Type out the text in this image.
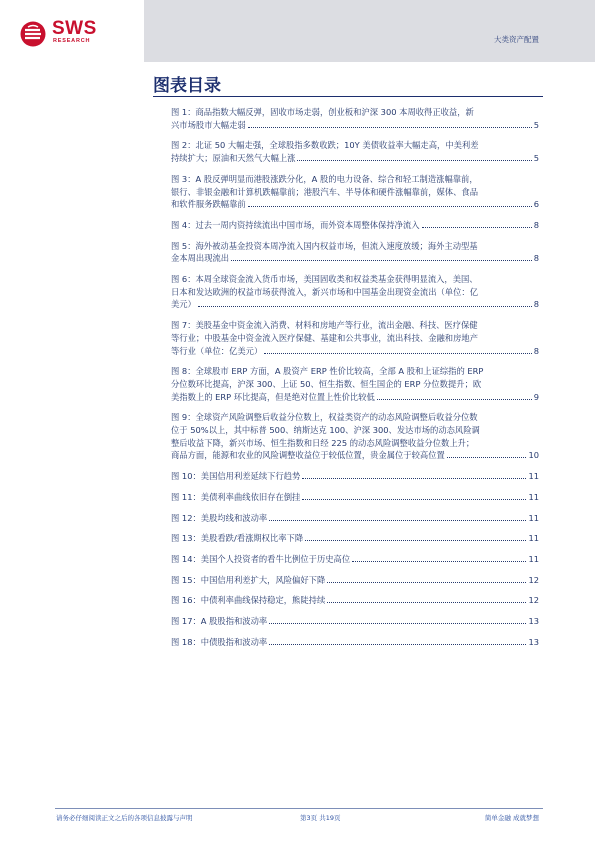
SWS
RESEARCH	大类资产配置
图表目录
图 1：商品指数大幅反弹，固收市场走弱，创业板和沪深 300 本周收得正收益，新
兴市场股市大幅走弱	5
图 2：北证 50 大幅走强，全球股指多数收跌；10Y 美债收益率大幅走高，中美利差
持续扩大；原油和天然气大幅上涨	5
图 3：A 股反弹明显而港股涨跌分化，A 股的电力设备、综合和轻工制造涨幅靠前，
银行、非银金融和计算机跌幅靠前；港股汽车、半导体和硬件涨幅靠前，媒体、食品
和软件服务跌幅靠前	6
图 4：过去一周内资持续流出中国市场，而外资本周整体保持净流入	8
图 5：海外被动基金投资本周净流入国内权益市场，但流入速度放缓；海外主动型基
金本周出现流出	8
图 6：本周全球资金流入货币市场，美国固收类和权益类基金获得明显流入，美国、
日本和发达欧洲的权益市场获得流入，新兴市场和中国基金出现资金流出（单位：亿
美元）	8
图 7：美股基金中资金流入消费、材料和房地产等行业，流出金融、科技、医疗保健
等行业；中股基金中资金流入医疗保健、基建和公共事业，流出科技、金融和房地产
等行业（单位：亿美元）	8
图 8：全球股市 ERP 方面，A 股资产 ERP 性价比较高，全部 A 股和上证综指的 ERP
分位数环比提高，沪深 300、上证 50、恒生指数、恒生国企的 ERP 分位数提升；欧
美指数上的 ERP 环比提高，但是绝对位置上性价比较低	9
图 9：全球资产风险调整后收益分位数上，权益类资产的动态风险调整后收益分位数
位于 50%以上，其中标普 500、纳斯达克 100、沪深 300、发达市场的动态风险调
整后收益下降，新兴市场、恒生指数和日经 225 的动态风险调整收益分位数上升；
商品方面，能源和农业的风险调整收益位于较低位置，贵金属位于较高位置	10
图 10：美国信用利差延续下行趋势	11
图 11：美债利率曲线依旧存在倒挂	11
图 12：美股均线和波动率	11
图 13：美股看跌/看涨期权比率下降	11
图 14：美国个人投资者的看牛比例位于历史高位	11
图 15：中国信用利差扩大，风险偏好下降	12
图 16：中债利率曲线保持稳定，熊陡持续	12
图 17：A 股股指和波动率	13
图 18：中债股指和波动率	13
请务必仔细阅读正文之后的各项信息披露与声明	第3页 共19页	简单金融 成就梦想
